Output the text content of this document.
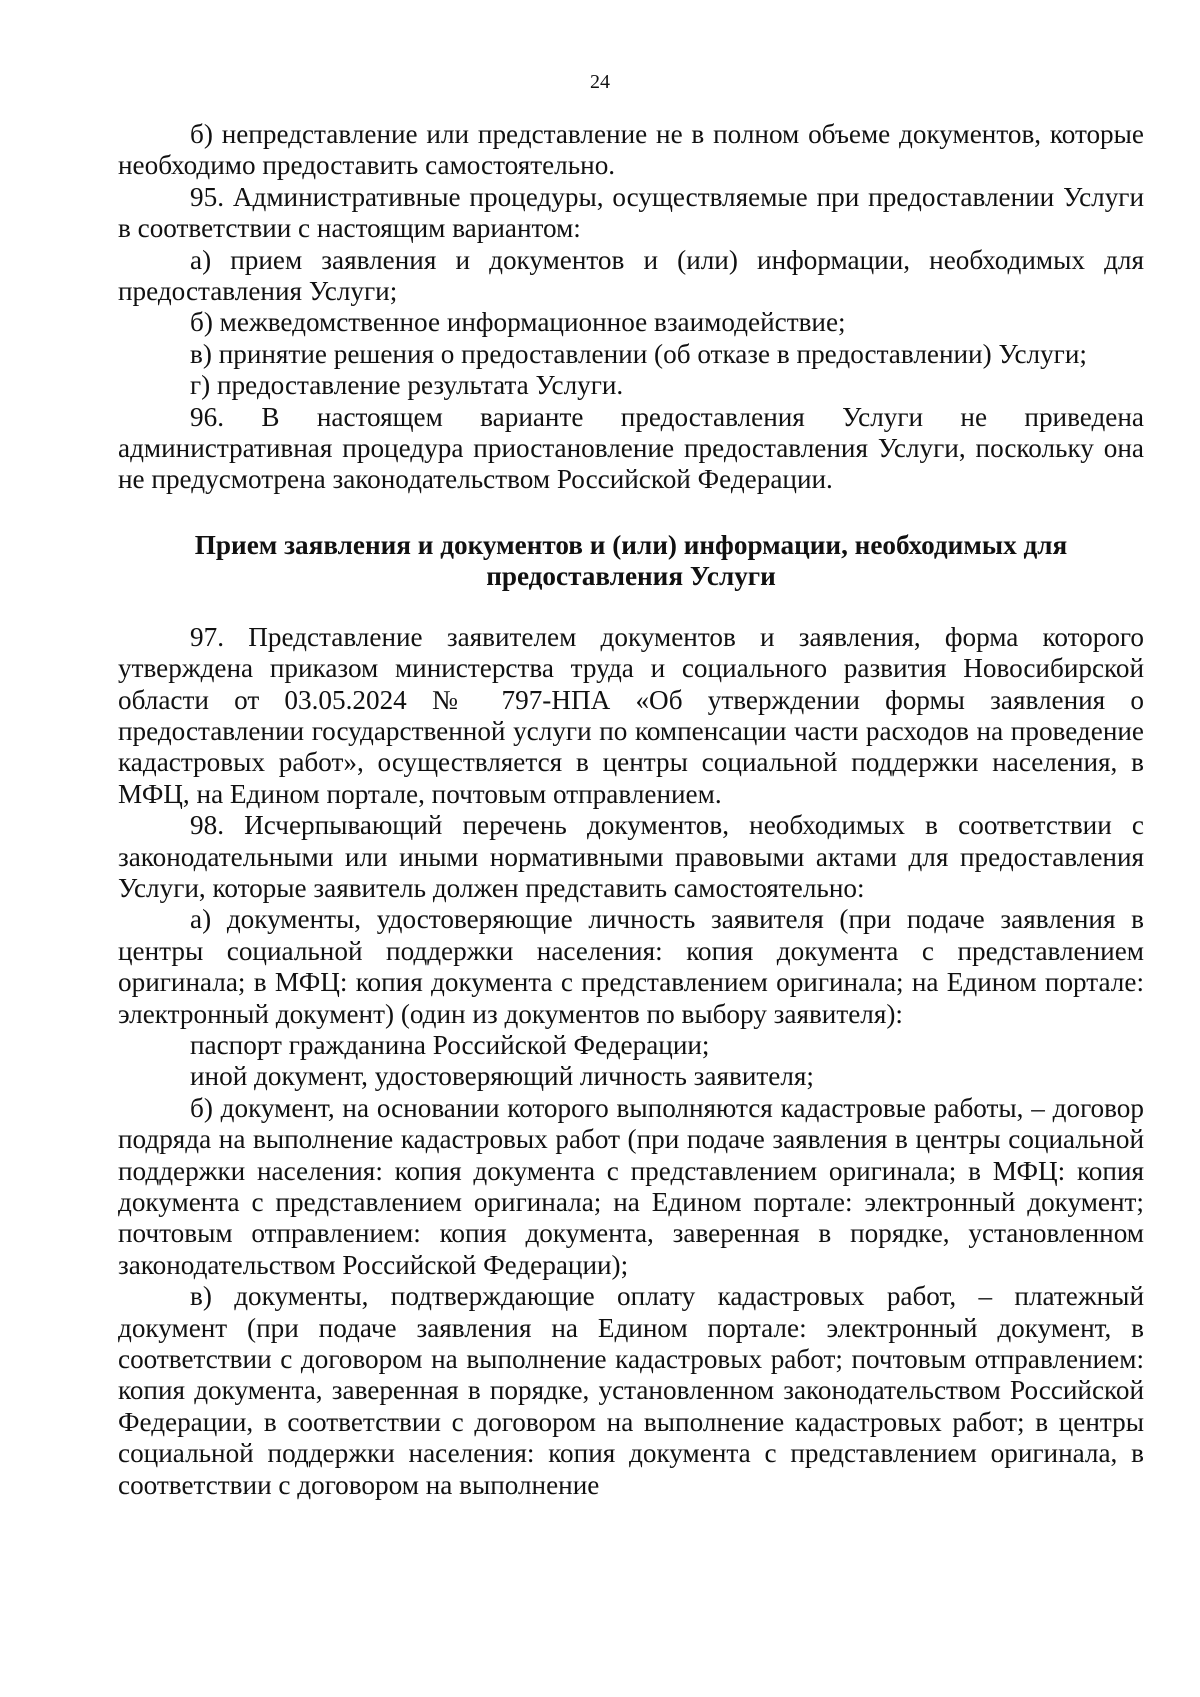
24

б) непредставление или представление не в полном объеме документов, которые необходимо предоставить самостоятельно.

95. Административные процедуры, осуществляемые при предоставлении Услуги в соответствии с настоящим вариантом:

а) прием заявления и документов и (или) информации, необходимых для предоставления Услуги;

б) межведомственное информационное взаимодействие;

в) принятие решения о предоставлении (об отказе в предоставлении) Услуги;

г) предоставление результата Услуги.

96. В настоящем варианте предоставления Услуги не приведена административная процедура приостановление предоставления Услуги, поскольку она не предусмотрена законодательством Российской Федерации.

Прием заявления и документов и (или) информации, необходимых для предоставления Услуги

97. Представление заявителем документов и заявления, форма которого утверждена приказом министерства труда и социального развития Новосибирской области от 03.05.2024 № 797-НПА «Об утверждении формы заявления о предоставлении государственной услуги по компенсации части расходов на проведение кадастровых работ», осуществляется в центры социальной поддержки населения, в МФЦ, на Едином портале, почтовым отправлением.

98. Исчерпывающий перечень документов, необходимых в соответствии с законодательными или иными нормативными правовыми актами для предоставления Услуги, которые заявитель должен представить самостоятельно:

а) документы, удостоверяющие личность заявителя (при подаче заявления в центры социальной поддержки населения: копия документа с представлением оригинала; в МФЦ: копия документа с представлением оригинала; на Едином портале: электронный документ) (один из документов по выбору заявителя):

паспорт гражданина Российской Федерации;

иной документ, удостоверяющий личность заявителя;

б) документ, на основании которого выполняются кадастровые работы, – договор подряда на выполнение кадастровых работ (при подаче заявления в центры социальной поддержки населения: копия документа с представлением оригинала; в МФЦ: копия документа с представлением оригинала; на Едином портале: электронный документ; почтовым отправлением: копия документа, заверенная в порядке, установленном законодательством Российской Федерации);

в) документы, подтверждающие оплату кадастровых работ, – платежный документ (при подаче заявления на Едином портале: электронный документ, в соответствии с договором на выполнение кадастровых работ; почтовым отправлением: копия документа, заверенная в порядке, установленном законодательством Российской Федерации, в соответствии с договором на выполнение кадастровых работ; в центры социальной поддержки населения: копия документа с представлением оригинала, в соответствии с договором на выполнение
